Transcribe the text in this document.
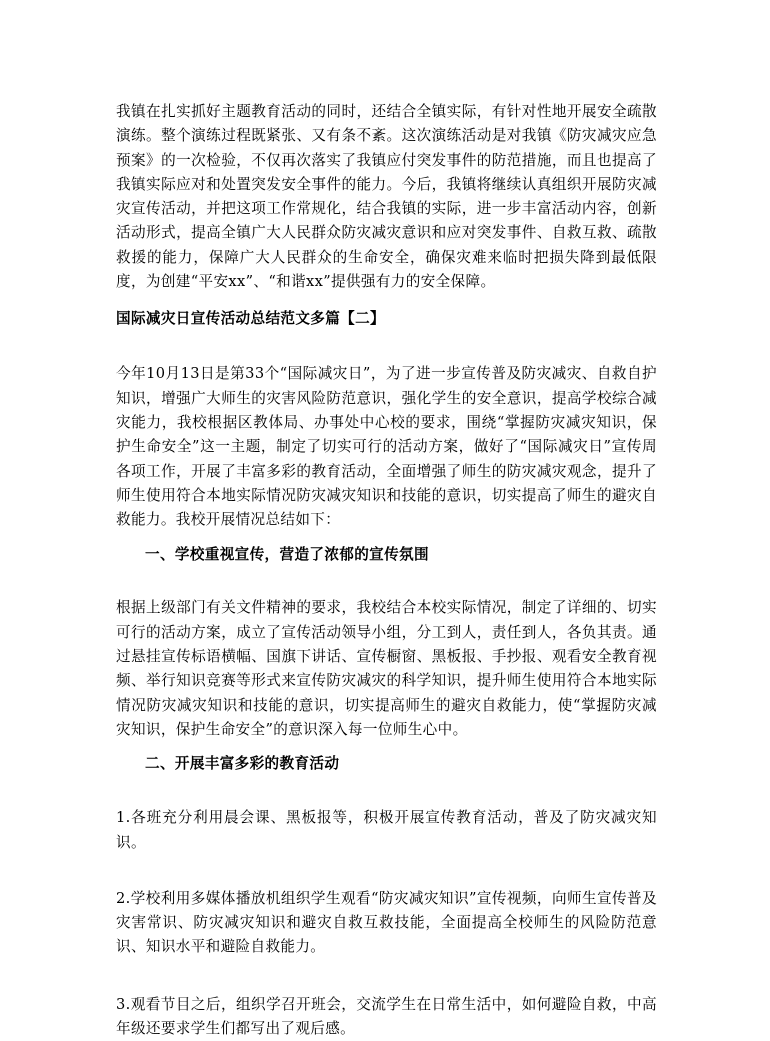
我镇在扎实抓好主题教育活动的同时，还结合全镇实际，有针对性地开展安全疏散演练。整个演练过程既紧张、又有条不紊。这次演练活动是对我镇《防灾减灾应急预案》的一次检验，不仅再次落实了我镇应付突发事件的防范措施，而且也提高了我镇实际应对和处置突发安全事件的能力。今后，我镇将继续认真组织开展防灾减灾宣传活动，并把这项工作常规化，结合我镇的实际，进一步丰富活动内容，创新活动形式，提高全镇广大人民群众防灾减灾意识和应对突发事件、自救互救、疏散救援的能力，保障广大人民群众的生命安全，确保灾难来临时把损失降到最低限度，为创建“平安xx”、“和谐xx”提供强有力的安全保障。

国际减灾日宣传活动总结范文多篇【二】

今年10月13日是第33个“国际减灾日”，为了进一步宣传普及防灾减灾、自救自护知识，增强广大师生的灾害风险防范意识，强化学生的安全意识，提高学校综合减灾能力，我校根据区教体局、办事处中心校的要求，围绕“掌握防灾减灾知识，保护生命安全”这一主题，制定了切实可行的活动方案，做好了“国际减灾日”宣传周各项工作，开展了丰富多彩的教育活动，全面增强了师生的防灾减灾观念，提升了师生使用符合本地实际情况防灾减灾知识和技能的意识，切实提高了师生的避灾自救能力。我校开展情况总结如下：

一、学校重视宣传，营造了浓郁的宣传氛围

根据上级部门有关文件精神的要求，我校结合本校实际情况，制定了详细的、切实可行的活动方案，成立了宣传活动领导小组，分工到人，责任到人，各负其责。通过悬挂宣传标语横幅、国旗下讲话、宣传橱窗、黑板报、手抄报、观看安全教育视频、举行知识竞赛等形式来宣传防灾减灾的科学知识，提升师生使用符合本地实际情况防灾减灾知识和技能的意识，切实提高师生的避灾自救能力，使“掌握防灾减灾知识，保护生命安全”的意识深入每一位师生心中。

二、开展丰富多彩的教育活动

1.各班充分利用晨会课、黑板报等，积极开展宣传教育活动，普及了防灾减灾知识。

2.学校利用多媒体播放机组织学生观看“防灾减灾知识”宣传视频，向师生宣传普及灾害常识、防灾减灾知识和避灾自救互救技能，全面提高全校师生的风险防范意识、知识水平和避险自救能力。

3.观看节目之后，组织学召开班会，交流学生在日常生活中，如何避险自救，中高年级还要求学生们都写出了观后感。
